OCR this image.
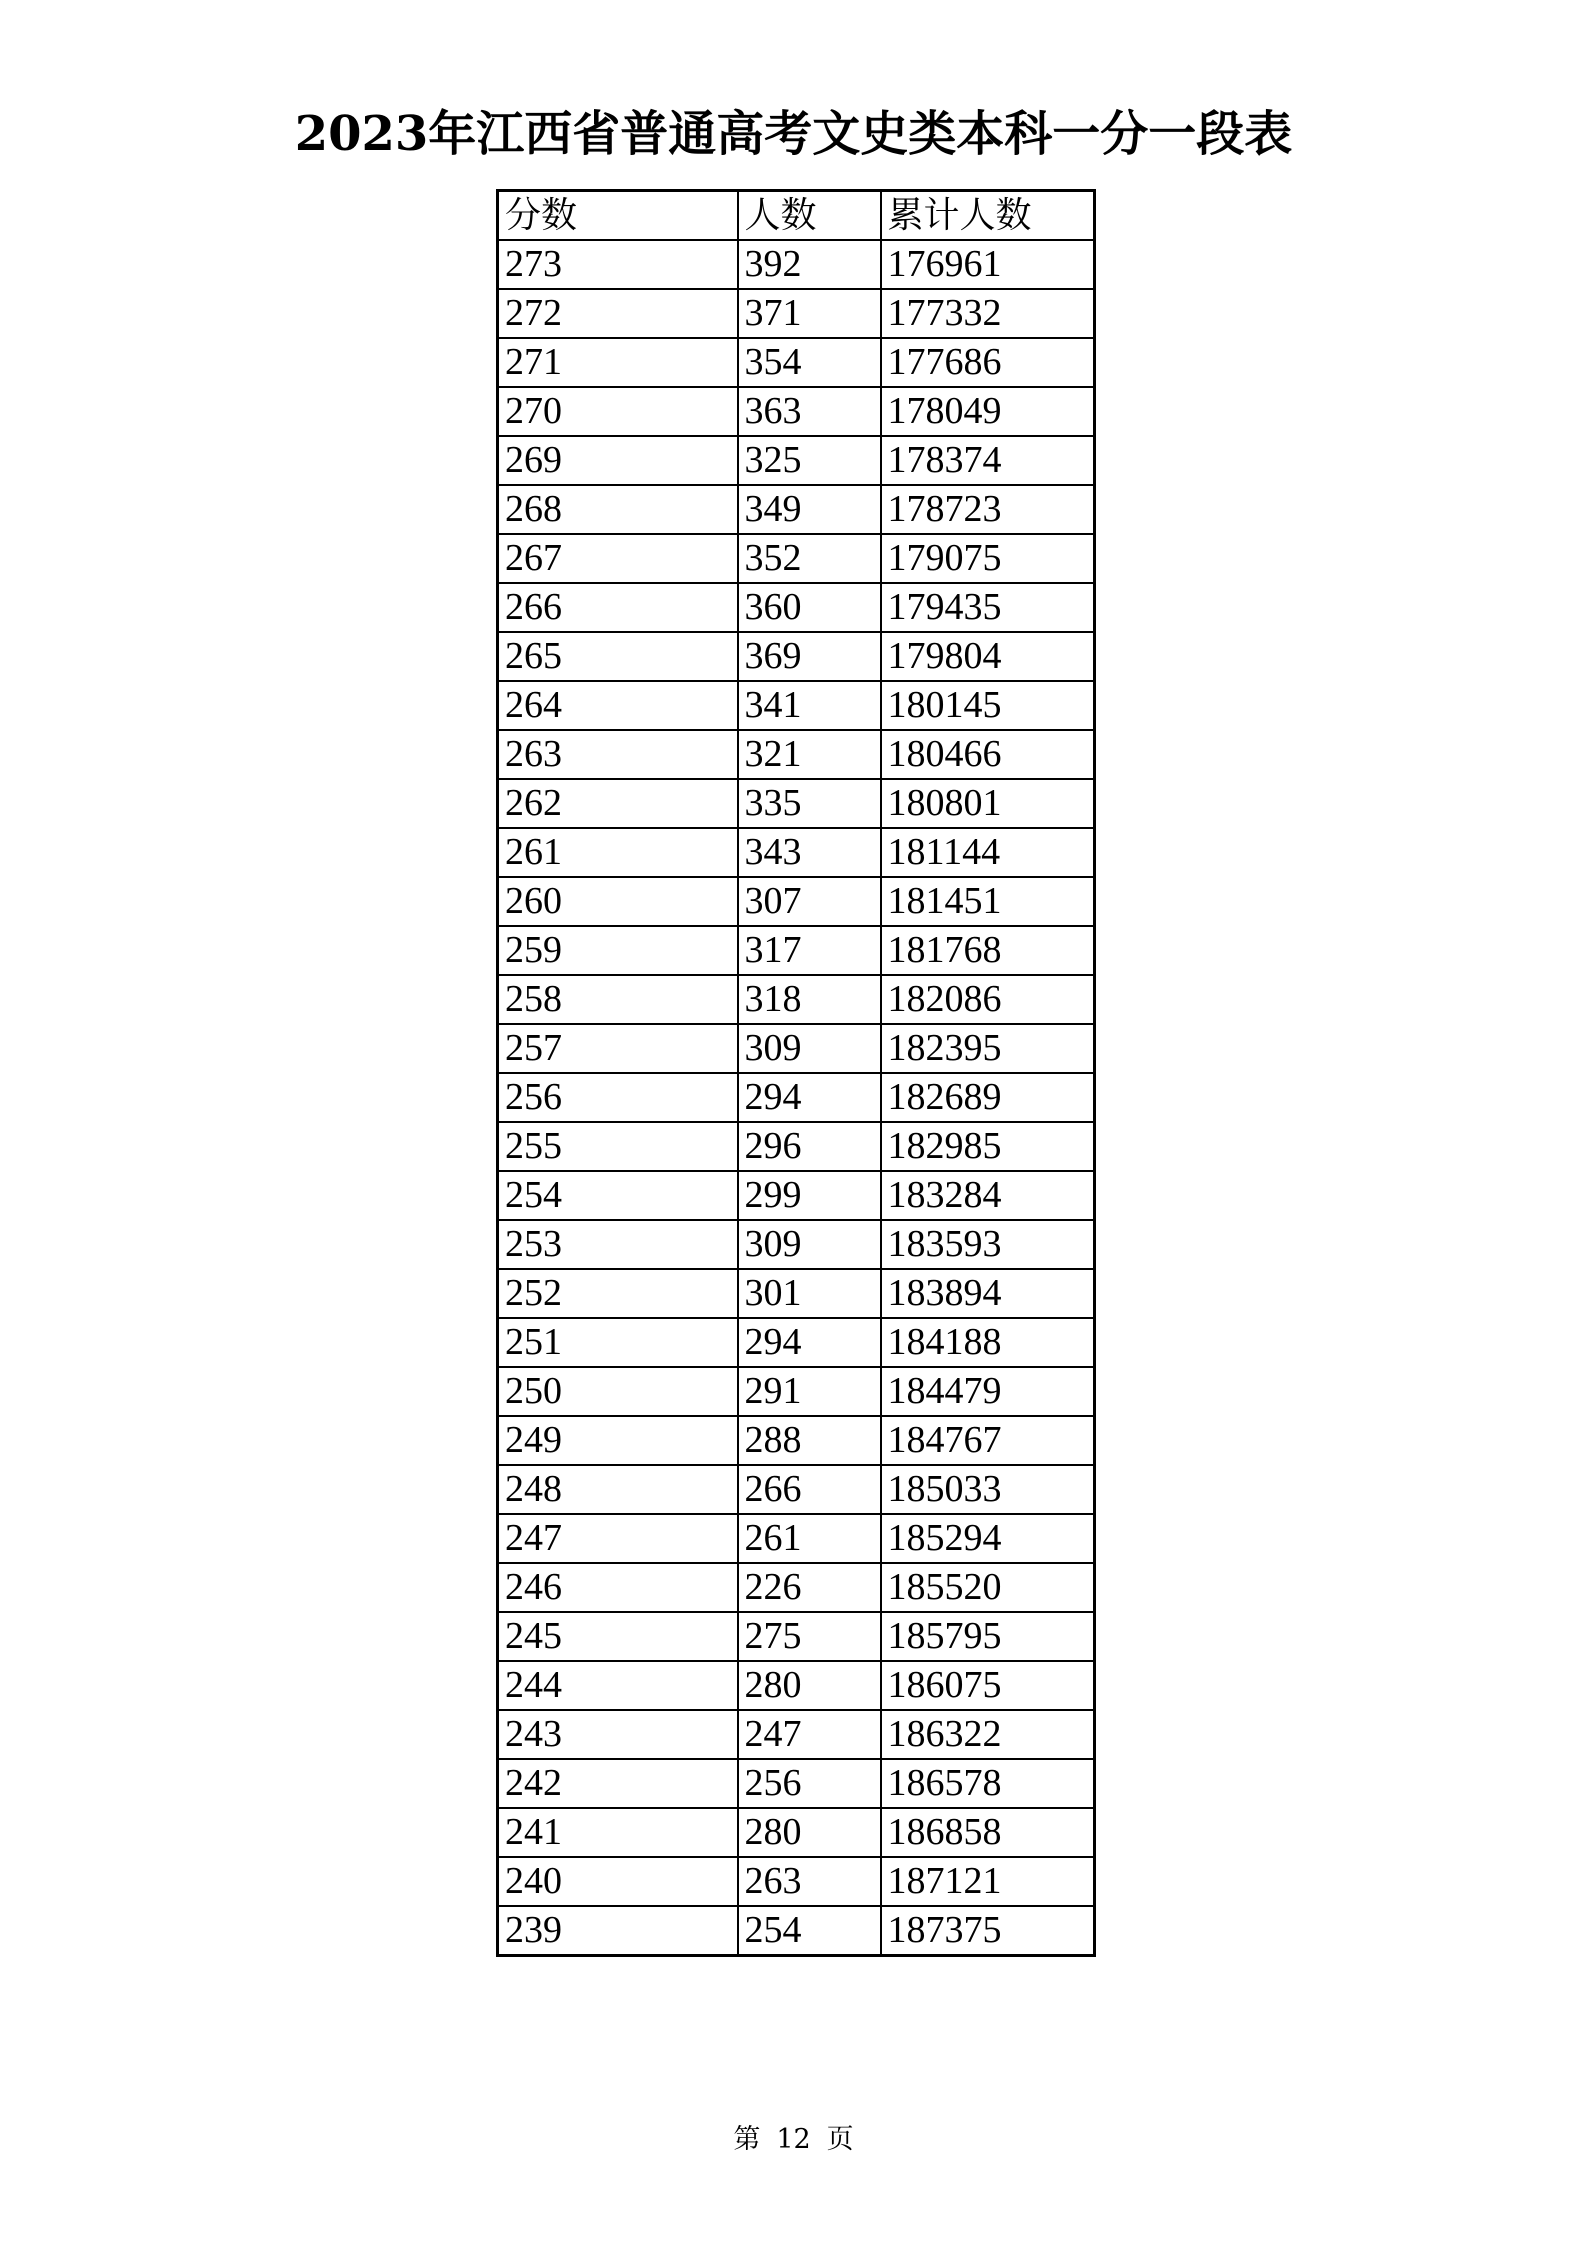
2023年江西省普通高考文史类本科一分一段表
分数	人数	累计人数
273	392	176961
272	371	177332
271	354	177686
270	363	178049
269	325	178374
268	349	178723
267	352	179075
266	360	179435
265	369	179804
264	341	180145
263	321	180466
262	335	180801
261	343	181144
260	307	181451
259	317	181768
258	318	182086
257	309	182395
256	294	182689
255	296	182985
254	299	183284
253	309	183593
252	301	183894
251	294	184188
250	291	184479
249	288	184767
248	266	185033
247	261	185294
246	226	185520
245	275	185795
244	280	186075
243	247	186322
242	256	186578
241	280	186858
240	263	187121
239	254	187375
第 12 页
